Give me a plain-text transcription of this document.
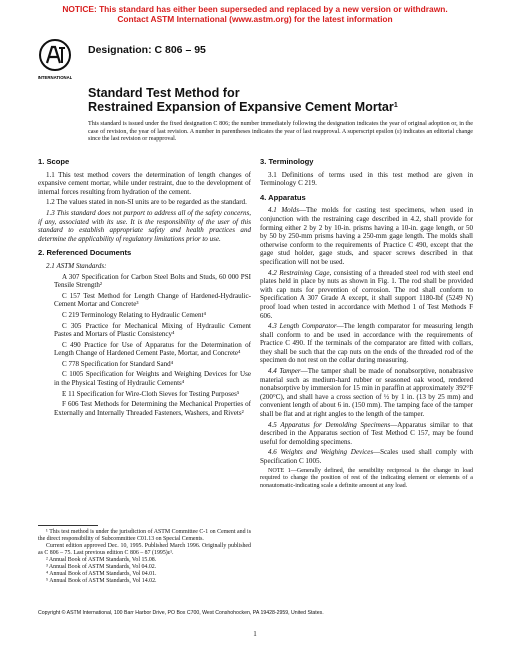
NOTICE: This standard has either been superseded and replaced by a new version or withdrawn.
Contact ASTM International (www.astm.org) for the latest information
INTERNATIONAL
Designation: C 806 – 95
Standard Test Method for
Restrained Expansion of Expansive Cement Mortar$^1$
This standard is issued under the fixed designation C 806; the number immediately following the designation indicates the year of original adoption or, in the case of revision, the year of last revision. A number in parentheses indicates the year of last reapproval. A superscript epsilon (ε) indicates an editorial change since the last revision or reapproval.
1. Scope

1.1 This test method covers the determination of length changes of expansive cement mortar, while under restraint, due to the development of internal forces resulting from hydration of the cement.

1.2 The values stated in non-SI units are to be regarded as the standard.

1.3 This standard does not purport to address all of the safety concerns, if any, associated with its use. It is the responsibility of the user of this standard to establish appropriate safety and health practices and determine the applicability of regulatory limitations prior to use.

2. Referenced Documents

2.1 ASTM Standards:

A 307 Specification for Carbon Steel Bolts and Studs, 60 000 PSI Tensile Strength²

C 157 Test Method for Length Change of Hardened-Hydraulic-Cement Mortar and Concrete³

C 219 Terminology Relating to Hydraulic Cement⁴

C 305 Practice for Mechanical Mixing of Hydraulic Cement Pastes and Mortars of Plastic Consistency⁴

C 490 Practice for Use of Apparatus for the Determination of Length Change of Hardened Cement Paste, Mortar, and Concrete⁴

C 778 Specification for Standard Sand⁴

C 1005 Specification for Weights and Weighing Devices for Use in the Physical Testing of Hydraulic Cements⁴

E 11 Specification for Wire-Cloth Sieves for Testing Purposes⁵

F 606 Test Methods for Determining the Mechanical Properties of Externally and Internally Threaded Fasteners, Washers, and Rivets²

¹ This test method is under the jurisdiction of ASTM Committee C-1 on Cement and is the direct responsibility of Subcommittee C01.13 on Special Cements.

Current edition approved Dec. 10, 1995. Published March 1996. Originally published as C 806 – 75. Last previous edition C 806 – 87 (1995)ε¹.

² Annual Book of ASTM Standards, Vol 15.08.

³ Annual Book of ASTM Standards, Vol 04.02.

⁴ Annual Book of ASTM Standards, Vol 04.01.

⁵ Annual Book of ASTM Standards, Vol 14.02.

3. Terminology

3.1 Definitions of terms used in this test method are given in Terminology C 219.

4. Apparatus

4.1 Molds—The molds for casting test specimens, when used in conjunction with the restraining cage described in 4.2, shall provide for forming either 2 by 2 by 10-in. prisms having a 10-in. gage length, or 50 by 50 by 250-mm prisms having a 250-mm gage length. The molds shall otherwise conform to the requirements of Practice C 490, except that the gage stud holder, gage studs, and spacer screws described in that specification will not be used.

4.2 Restraining Cage, consisting of a threaded steel rod with steel end plates held in place by nuts as shown in Fig. 1. The rod shall be provided with cap nuts for prevention of corrosion. The rod shall conform to Specification A 307 Grade A except, it shall support 1180-lbf (5249 N) proof load when tested in accordance with Method 1 of Test Methods F 606.

4.3 Length Comparator—The length comparator for measuring length shall conform to and be used in accordance with the requirements of Practice C 490. If the terminals of the comparator are fitted with collars, they shall be such that the cap nuts on the ends of the threaded rod of the specimen do not rest on the collar during measuring.

4.4 Tamper—The tamper shall be made of nonabsorptive, nonabrasive material such as medium-hard rubber or seasoned oak wood, rendered nonabsorptive by immersion for 15 min in paraffin at approximately 392°F (200°C), and shall have a cross section of ½ by 1 in. (13 by 25 mm) and convenient length of about 6 in. (150 mm). The tamping face of the tamper shall be flat and at right angles to the length of the tamper.

4.5 Apparatus for Demolding Specimens—Apparatus similar to that described in the Apparatus section of Test Method C 157, may be found useful for demolding specimens.

4.6 Weights and Weighing Devices—Scales used shall comply with Specification C 1005.

NOTE 1—Generally defined, the sensibility reciprocal is the change in load required to change the position of rest of the indicating element or elements of a nonautomatic-indicating scale a definite amount at any load.

Copyright © ASTM International, 100 Barr Harbor Drive, PO Box C700, West Conshohocken, PA 19428-2959, United States.
1
